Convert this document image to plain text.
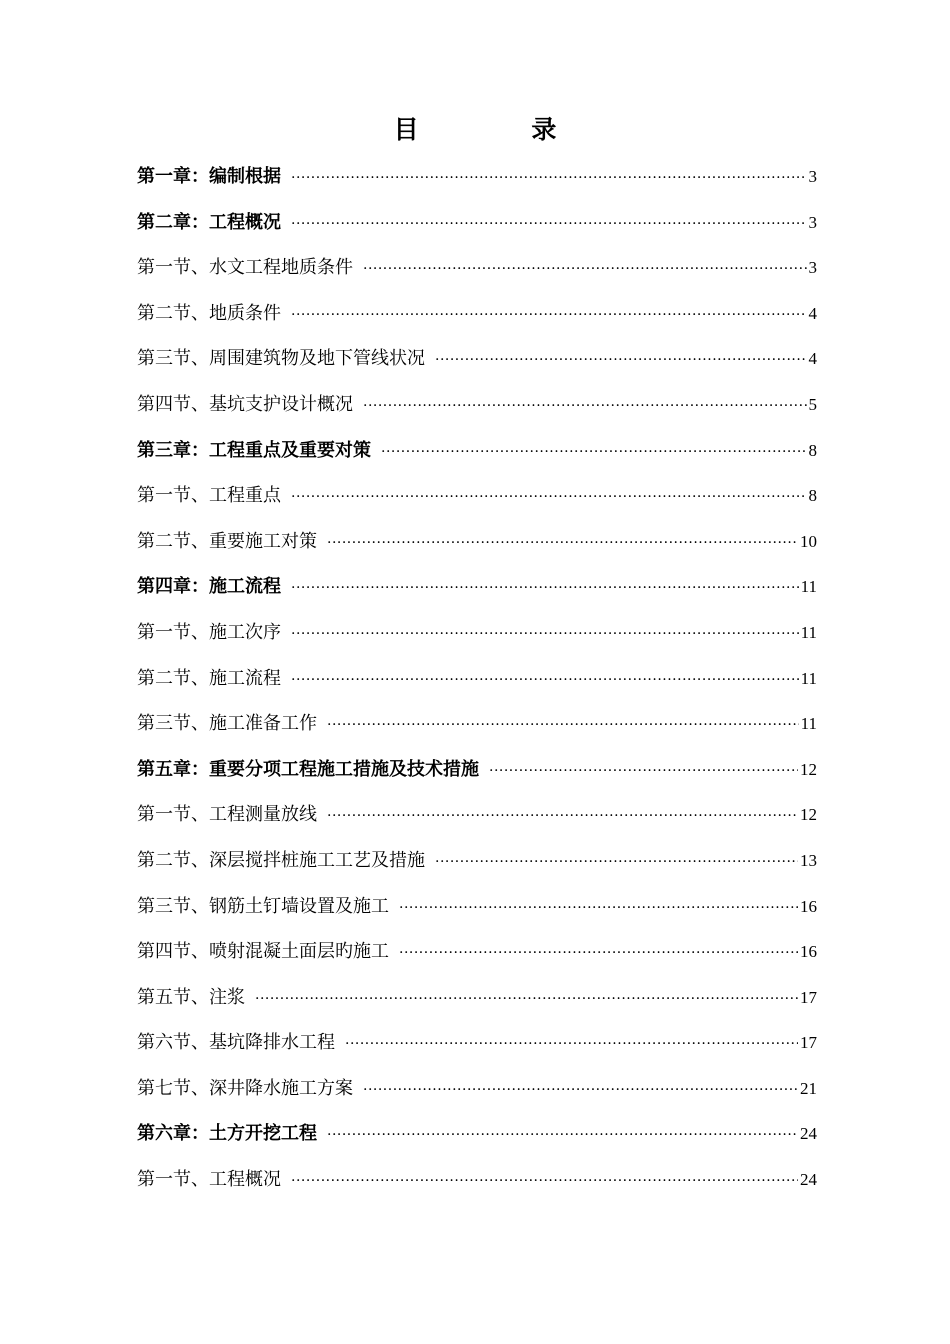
目 录
第一章：编制根据 ·····	3
第二章：工程概况 ·····	3
第一节、水文工程地质条件 ·····	3
第二节、地质条件 ·····	4
第三节、周围建筑物及地下管线状况 ·····	4
第四节、基坑支护设计概况 ·····	5
第三章：工程重点及重要对策 ·····	8
第一节、工程重点 ·····	8
第二节、重要施工对策 ·····	10
第四章：施工流程 ·····	11
第一节、施工次序 ·····	11
第二节、施工流程 ·····	11
第三节、施工准备工作 ·····	11
第五章：重要分项工程施工措施及技术措施 ·····	12
第一节、工程测量放线 ·····	12
第二节、深层搅拌桩施工工艺及措施 ·····	13
第三节、钢筋土钉墙设置及施工 ·····	16
第四节、喷射混凝土面层旳施工 ·····	16
第五节、注浆 ·····	17
第六节、基坑降排水工程 ·····	17
第七节、深井降水施工方案 ·····	21
第六章：土方开挖工程 ·····	24
第一节、工程概况 ·····	24
